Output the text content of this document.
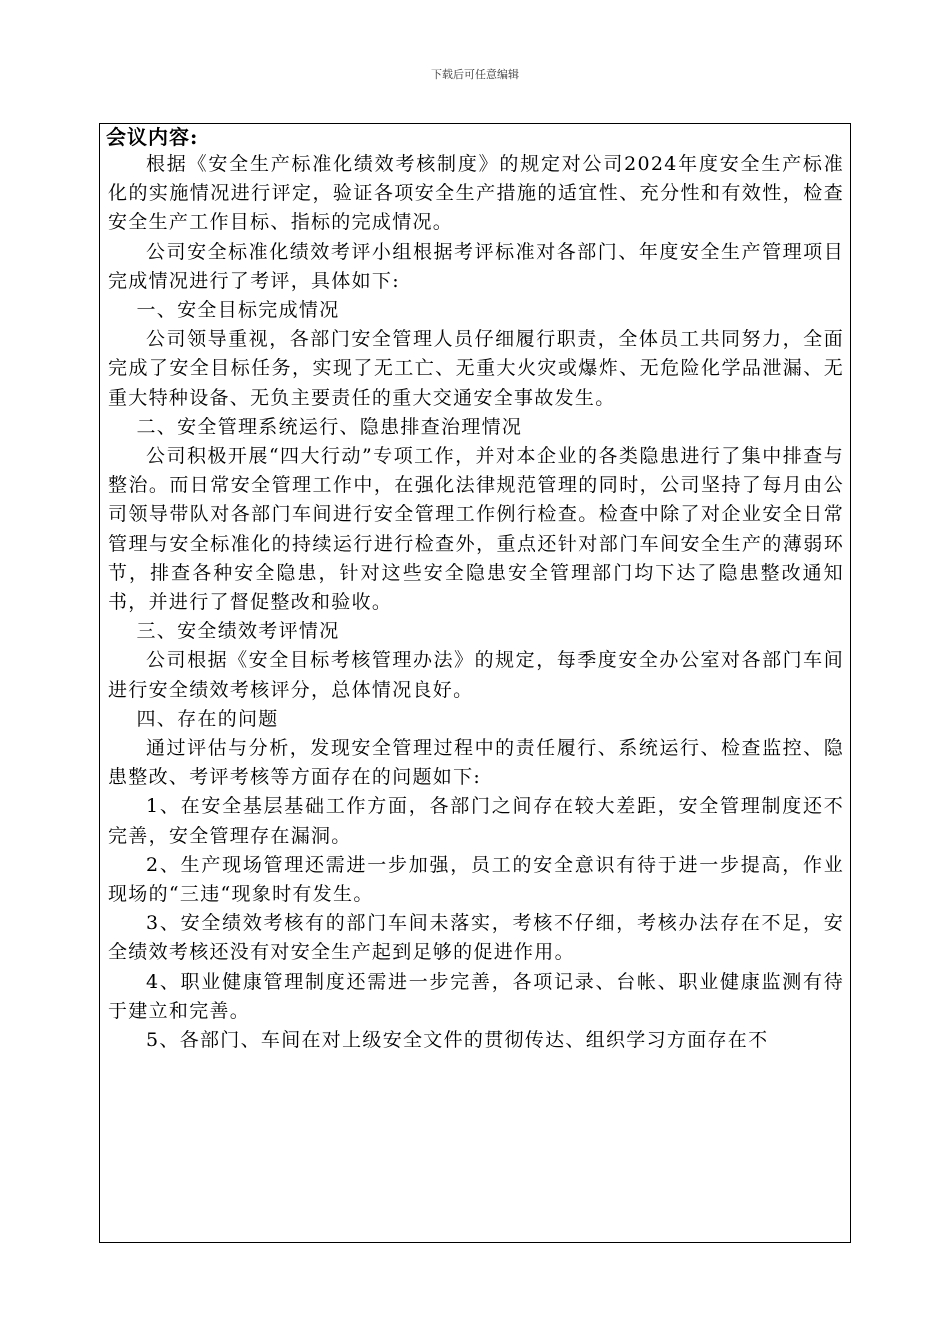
下载后可任意编辑
会议内容:

根据《安全生产标准化绩效考核制度》的规定对公司2024年度安全生产标准化的实施情况进行评定，验证各项安全生产措施的适宜性、充分性和有效性，检查安全生产工作目标、指标的完成情况。

公司安全标准化绩效考评小组根据考评标准对各部门、年度安全生产管理项目完成情况进行了考评，具体如下:

一、安全目标完成情况

公司领导重视，各部门安全管理人员仔细履行职责，全体员工共同努力，全面完成了安全目标任务，实现了无工亡、无重大火灾或爆炸、无危险化学品泄漏、无重大特种设备、无负主要责任的重大交通安全事故发生。

二、安全管理系统运行、隐患排查治理情况

公司积极开展“四大行动”专项工作，并对本企业的各类隐患进行了集中排查与整治。而日常安全管理工作中，在强化法律规范管理的同时，公司坚持了每月由公司领导带队对各部门车间进行安全管理工作例行检查。检查中除了对企业安全日常管理与安全标准化的持续运行进行检查外，重点还针对部门车间安全生产的薄弱环节，排查各种安全隐患，针对这些安全隐患安全管理部门均下达了隐患整改通知书，并进行了督促整改和验收。

三、安全绩效考评情况

公司根据《安全目标考核管理办法》的规定，每季度安全办公室对各部门车间进行安全绩效考核评分，总体情况良好。

四、存在的问题

通过评估与分析，发现安全管理过程中的责任履行、系统运行、检查监控、隐患整改、考评考核等方面存在的问题如下:

1、在安全基层基础工作方面，各部门之间存在较大差距，安全管理制度还不完善，安全管理存在漏洞。

2、生产现场管理还需进一步加强，员工的安全意识有待于进一步提高，作业现场的“三违“现象时有发生。

3、安全绩效考核有的部门车间未落实，考核不仔细，考核办法存在不足，安全绩效考核还没有对安全生产起到足够的促进作用。

4、职业健康管理制度还需进一步完善，各项记录、台帐、职业健康监测有待于建立和完善。

5、各部门、车间在对上级安全文件的贯彻传达、组织学习方面存在不
